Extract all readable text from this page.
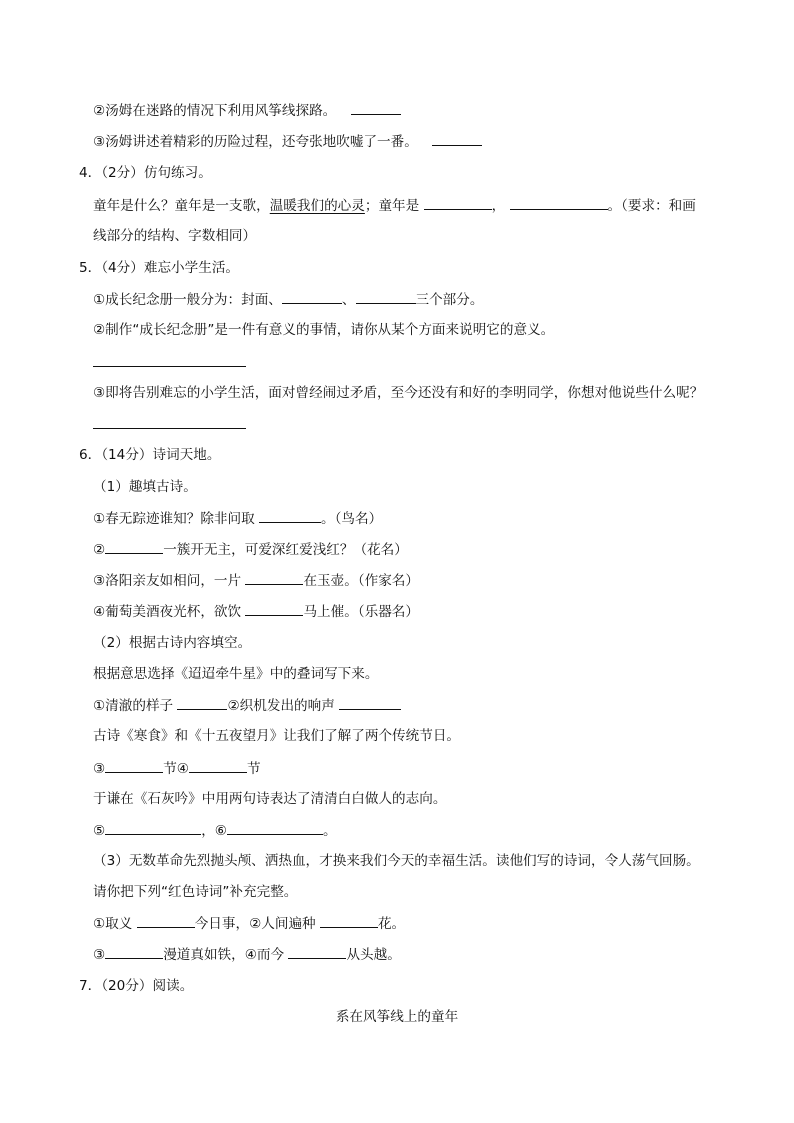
②汤姆在迷路的情况下利用风筝线探路。
③汤姆讲述着精彩的历险过程，还夸张地吹嘘了一番。
4．（2分）仿句练习。
童年是什么？童年是一支歌，温暖我们的心灵；童年是	，	。（要求：和画
线部分的结构、字数相同）
5．（4分）难忘小学生活。
①成长纪念册一般分为：封面、	、	三个部分。
②制作“成长纪念册”是一件有意义的事情，请你从某个方面来说明它的意义。
③即将告别难忘的小学生活，面对曾经闹过矛盾，至今还没有和好的李明同学，你想对他说些什么呢？
6．（14分）诗词天地。
（1）趣填古诗。
①春无踪迹谁知？除非问取	。（鸟名）
②	一簇开无主，可爱深红爱浅红？（花名）
③洛阳亲友如相问，一片	在玉壶。（作家名）
④葡萄美酒夜光杯，欲饮	马上催。（乐器名）
（2）根据古诗内容填空。
根据意思选择《迢迢牵牛星》中的叠词写下来。
①清澈的样子	②织机发出的响声
古诗《寒食》和《十五夜望月》让我们了解了两个传统节日。
③	节④	节
于谦在《石灰吟》中用两句诗表达了清清白白做人的志向。
⑤	，⑥	。
（3）无数革命先烈抛头颅、洒热血，才换来我们今天的幸福生活。读他们写的诗词，令人荡气回肠。
请你把下列“红色诗词”补充完整。
①取义	今日事，②人间遍种	花。
③	漫道真如铁，④而今	从头越。
7．（20分）阅读。
系在风筝线上的童年
